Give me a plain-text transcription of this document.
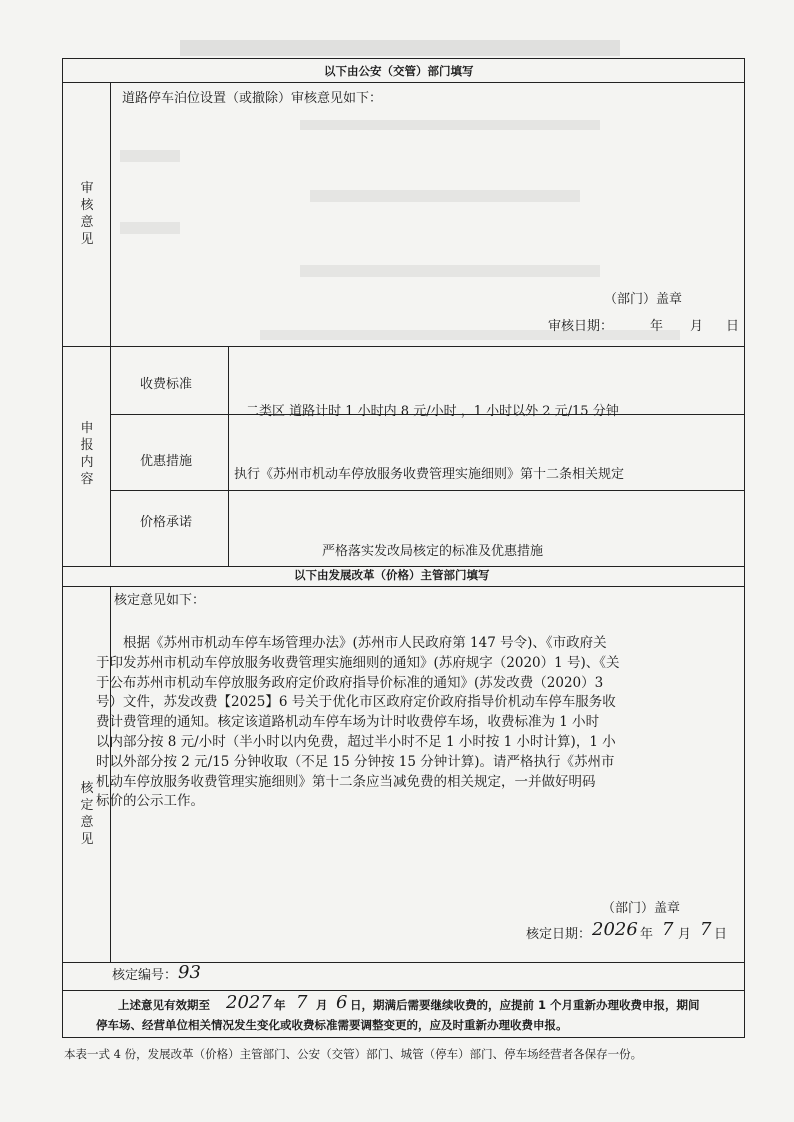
以下由公安（交管）部门填写
审核意见
道路停车泊位设置（或撤除）审核意见如下：
（部门）盖章
审核日期：	年 月 日
申报内容
收费标准
二类区 道路计时 1 小时内 8 元/小时 ，1 小时以外 2 元/15 分钟
优惠措施
执行《苏州市机动车停放服务收费管理实施细则》第十二条相关规定
价格承诺
严格落实发改局核定的标准及优惠措施
以下由发展改革（价格）主管部门填写
核定意见
核定意见如下：
根据《苏州市机动车停车场管理办法》(苏州市人民政府第 147 号令)、《市政府关
于印发苏州市机动车停放服务收费管理实施细则的通知》(苏府规字（2020）1 号)、《关
于公布苏州市机动车停放服务政府定价政府指导价标准的通知》(苏发改费（2020）3
号）文件，苏发改费【2025】6 号关于优化市区政府定价政府指导价机动车停车服务收
费计费管理的通知。核定该道路机动车停车场为计时收费停车场，收费标准为 1 小时
以内部分按 8 元/小时（半小时以内免费，超过半小时不足 1 小时按 1 小时计算)，1 小
时以外部分按 2 元/15 分钟收取（不足 15 分钟按 15 分钟计算)。请严格执行《苏州市
机动车停放服务收费管理实施细则》第十二条应当减免费的相关规定，一并做好明码
标价的公示工作。
（部门）盖章
核定日期： 2026 年 7 月 7 日
核定编号： 93
上述意见有效期至 2027 年 7 月 6 日，期满后需要继续收费的，应提前 1 个月重新办理收费申报，期间
停车场、经营单位相关情况发生变化或收费标准需要调整变更的，应及时重新办理收费申报。
本表一式 4 份，发展改革（价格）主管部门、公安（交管）部门、城管（停车）部门、停车场经营者各保存一份。
